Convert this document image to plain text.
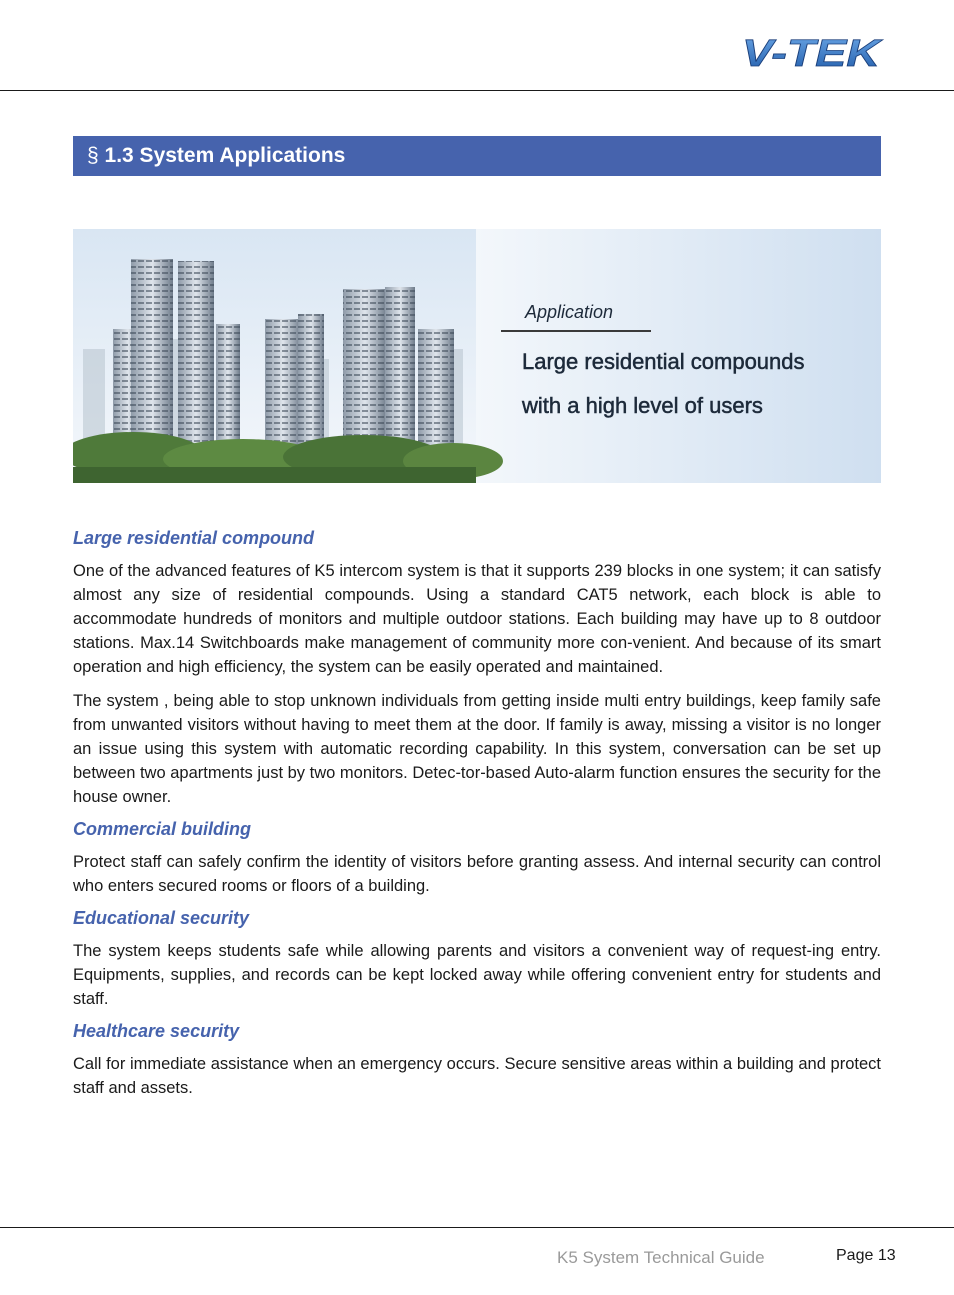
V-TEK
§ 1.3 System Applications
Application
Large residential compounds
with a high level of users
Large residential compound

One of the advanced features of K5 intercom system is that it supports 239 blocks in one system; it can satisfy almost any size of residential compounds. Using a standard CAT5 network, each block is able to accommodate hundreds of monitors and multiple outdoor stations. Each building may have up to 8 outdoor stations. Max.14 Switchboards make management of community more con-venient. And because of its smart operation and high efficiency, the system can be easily operated and maintained.

The system , being able to stop unknown individuals from getting inside multi entry buildings, keep family safe from unwanted visitors without having to meet them at the door. If family is away, missing a visitor is no longer an issue using this system with automatic recording capability. In this system, conversation can be set up between two apartments just by two monitors. Detec-tor-based Auto-alarm function ensures the security for the house owner.

Commercial building

Protect staff can safely confirm the identity of visitors before granting assess. And internal security can control who enters secured rooms or floors of a building.

Educational security

The system keeps students safe while allowing parents and visitors a convenient way of request-ing entry. Equipments, supplies, and records can be kept locked away while offering convenient entry for students and staff.

Healthcare security

Call for immediate assistance when an emergency occurs. Secure sensitive areas within a building and protect staff and assets.

K5 System Technical Guide	Page 13
